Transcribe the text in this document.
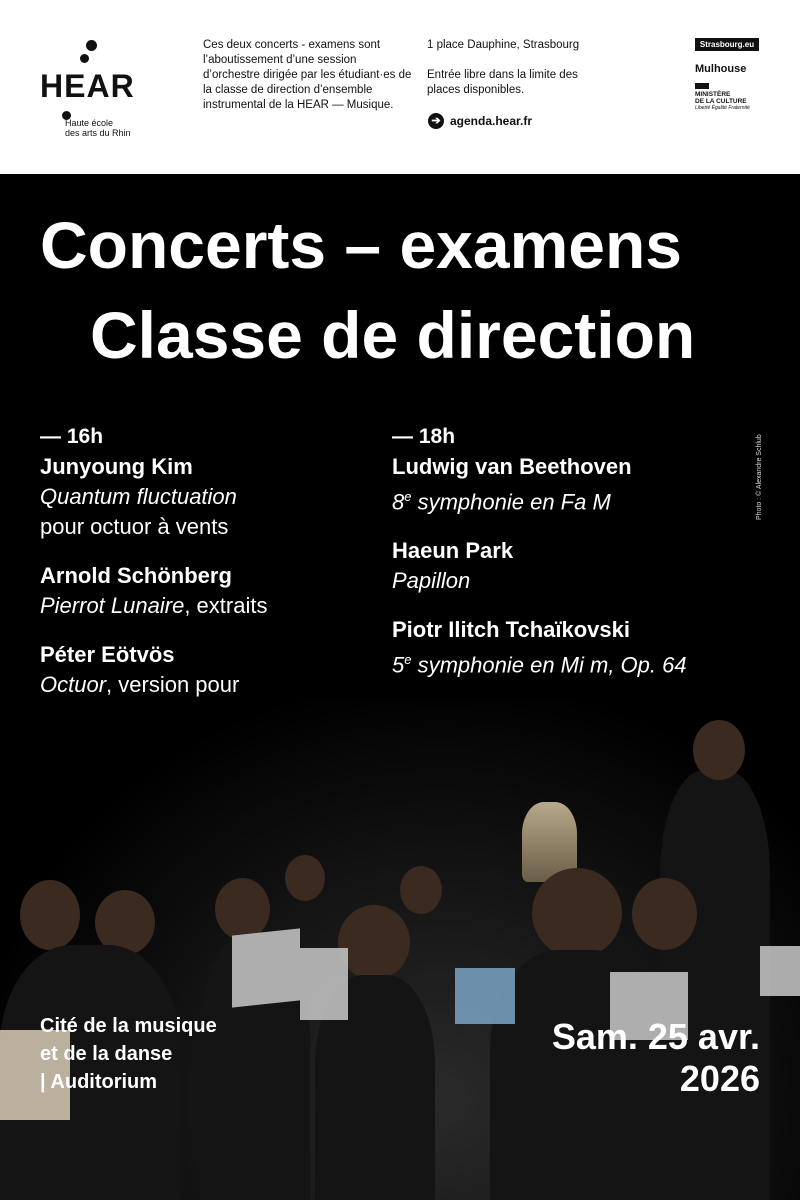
HEAR
Haute école
des arts du Rhin
Ces deux concerts - examens sont l’aboutissement d’une session d’orchestre dirigée par les étudiant·es de la classe de direction d’ensemble instrumental de la HEAR — Musique.
1 place Dauphine, Strasbourg
Entrée libre dans la limite des places disponibles.
➔ agenda.hear.fr
Strasbourg.eu
Mulhouse
MINISTÈRE
DE LA CULTURE
Liberté Égalité Fraternité
Concerts – examens
Classe de direction
— 16h
Junyoung Kim
Quantum fluctuation
pour octuor à vents
Arnold Schönberg
Pierrot Lunaire, extraits
Péter Eötvös
Octuor, version pour
— 18h
Ludwig van Beethoven
8e symphonie en Fa M
Haeun Park
Papillon
Piotr Ilitch Tchaïkovski
5e symphonie en Mi m, Op. 64
Photo : © Alexandre Schlub
Cité de la musique
et de la danse
| Auditorium
Sam. 25 avr.
2026
